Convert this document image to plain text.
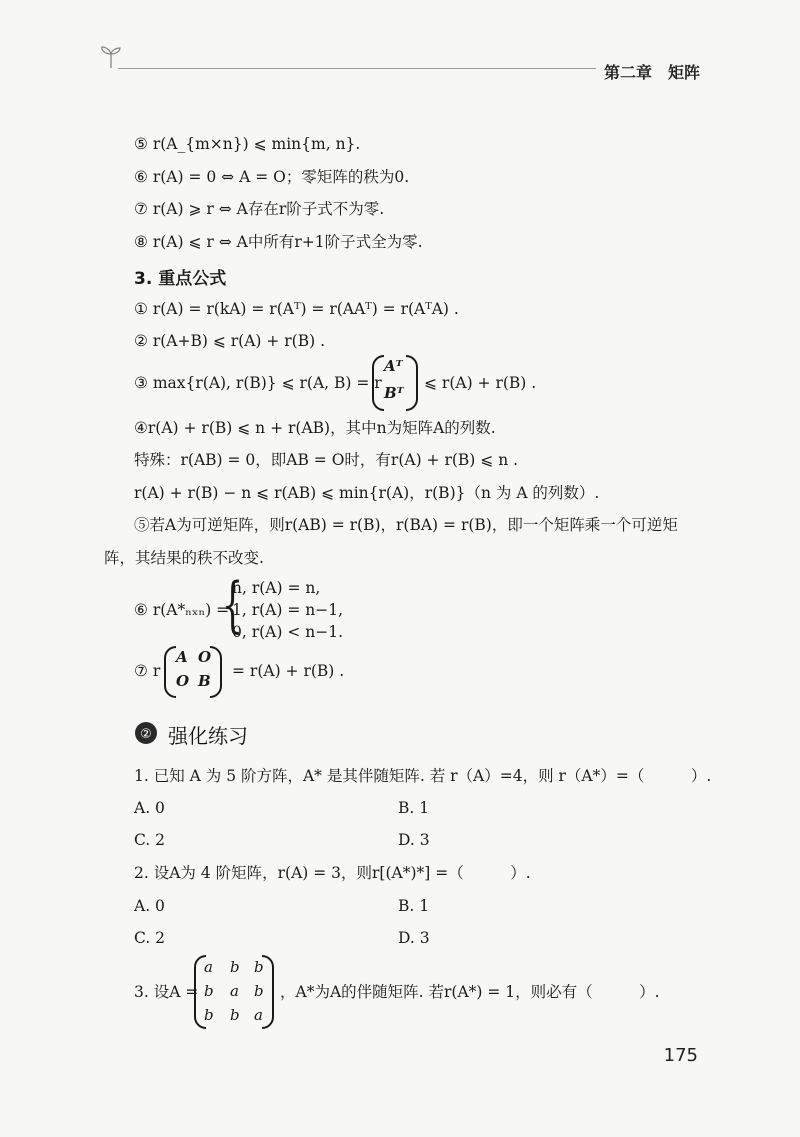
第二章　矩阵
⑤ r(A_{m×n}) ⩽ min{m, n}.
⑥ r(A) = 0 ⇔ A = O；零矩阵的秩为0.
⑦ r(A) ⩾ r ⇔ A存在r阶子式不为零.
⑧ r(A) ⩽ r ⇔ A中所有r+1阶子式全为零.
3. 重点公式
① r(A) = r(kA) = r(Aᵀ) = r(AAᵀ) = r(AᵀA) .
② r(A+B) ⩽ r(A) + r(B) .
③ max{r(A), r(B)} ⩽ r(A, B) = r
Aᵀ
Bᵀ
⩽ r(A) + r(B) .
④r(A) + r(B) ⩽ n + r(AB)，其中n为矩阵A的列数.
特殊：r(AB) = 0，即AB = O时，有r(A) + r(B) ⩽ n .
r(A) + r(B) − n ⩽ r(AB) ⩽ min{r(A)，r(B)}（n 为 A 的列数）.
⑤若A为可逆矩阵，则r(AB) = r(B)，r(BA) = r(B)，即一个矩阵乘一个可逆矩
阵，其结果的秩不改变.
⑥ r(A*ₙₓₙ) =
{
n, r(A) = n,
1, r(A) = n−1,
0, r(A) < n−1.
⑦ r
A O
O B
= r(A) + r(B) .
② 强化练习
1. 已知 A 为 5 阶方阵，A* 是其伴随矩阵. 若 r（A）=4，则 r（A*）=（　　　）.
A. 0	B. 1
C. 2	D. 3
2. 设A为 4 阶矩阵，r(A) = 3，则r[(A*)*] =（　　　）.
A. 0	B. 1
C. 2	D. 3
3. 设A =
a b b
b a b
b b a
，A*为A的伴随矩阵. 若r(A*) = 1，则必有（　　　）.
175
